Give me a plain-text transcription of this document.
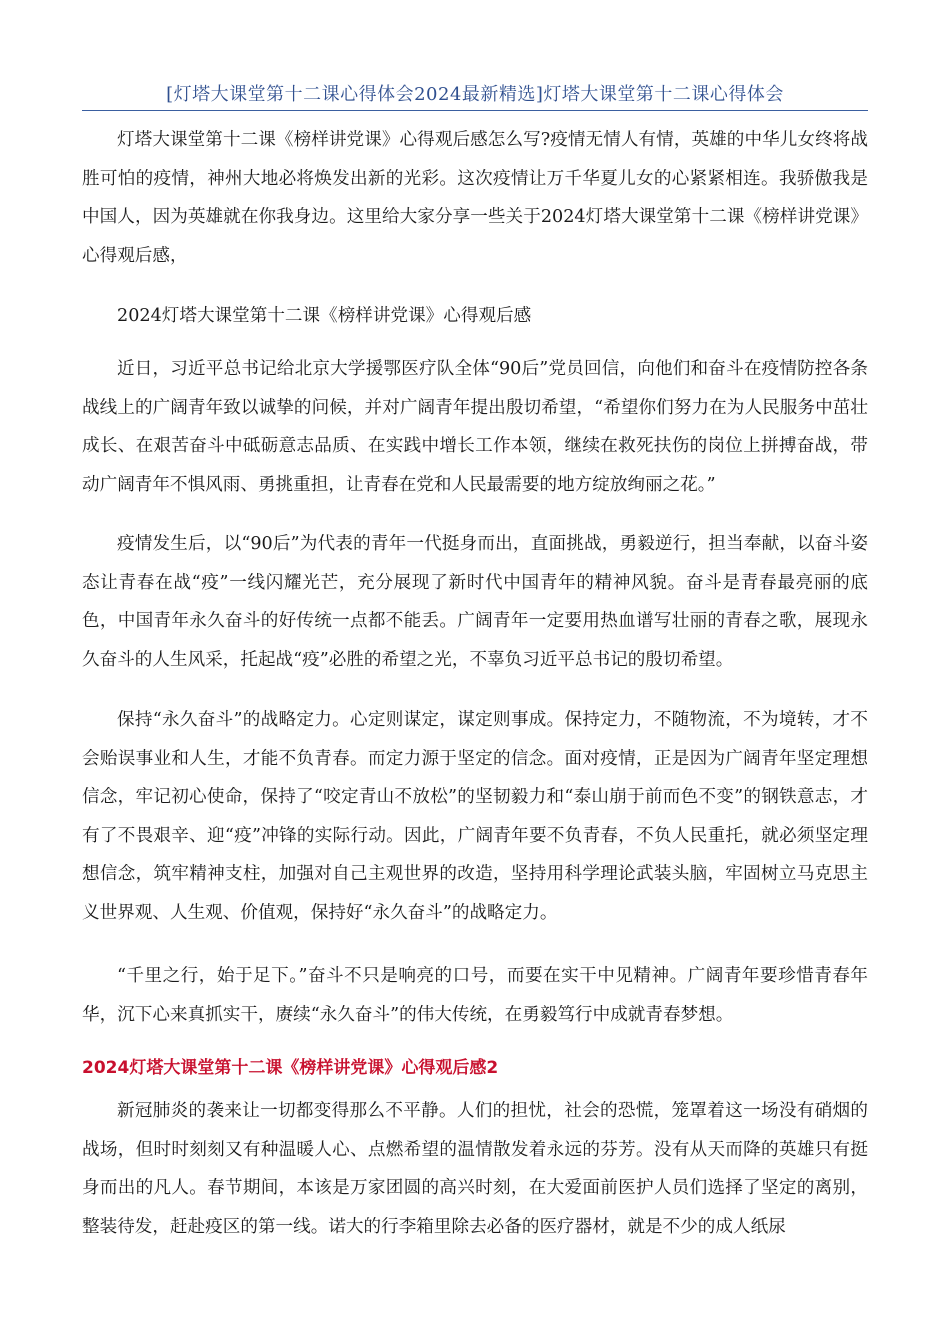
[灯塔大课堂第十二课心得体会2024最新精选]灯塔大课堂第十二课心得体会

灯塔大课堂第十二课《榜样讲党课》心得观后感怎么写?疫情无情人有情，英雄的中华儿女终将战胜可怕的疫情，神州大地必将焕发出新的光彩。这次疫情让万千华夏儿女的心紧紧相连。我骄傲我是中国人，因为英雄就在你我身边。这里给大家分享一些关于2024灯塔大课堂第十二课《榜样讲党课》心得观后感，

2024灯塔大课堂第十二课《榜样讲党课》心得观后感

近日，习近平总书记给北京大学援鄂医疗队全体“90后”党员回信，向他们和奋斗在疫情防控各条战线上的广阔青年致以诚挚的问候，并对广阔青年提出殷切希望，“希望你们努力在为人民服务中茁壮成长、在艰苦奋斗中砥砺意志品质、在实践中增长工作本领，继续在救死扶伤的岗位上拼搏奋战，带动广阔青年不惧风雨、勇挑重担，让青春在党和人民最需要的地方绽放绚丽之花。”

疫情发生后，以“90后”为代表的青年一代挺身而出，直面挑战，勇毅逆行，担当奉献，以奋斗姿态让青春在战“疫”一线闪耀光芒，充分展现了新时代中国青年的精神风貌。奋斗是青春最亮丽的底色，中国青年永久奋斗的好传统一点都不能丢。广阔青年一定要用热血谱写壮丽的青春之歌，展现永久奋斗的人生风采，托起战“疫”必胜的希望之光，不辜负习近平总书记的殷切希望。

保持“永久奋斗”的战略定力。心定则谋定，谋定则事成。保持定力，不随物流，不为境转，才不会贻误事业和人生，才能不负青春。而定力源于坚定的信念。面对疫情，正是因为广阔青年坚定理想信念，牢记初心使命，保持了“咬定青山不放松”的坚韧毅力和“泰山崩于前而色不变”的钢铁意志，才有了不畏艰辛、迎“疫”冲锋的实际行动。因此，广阔青年要不负青春，不负人民重托，就必须坚定理想信念，筑牢精神支柱，加强对自己主观世界的改造，坚持用科学理论武装头脑，牢固树立马克思主义世界观、人生观、价值观，保持好“永久奋斗”的战略定力。

“千里之行，始于足下。”奋斗不只是响亮的口号，而要在实干中见精神。广阔青年要珍惜青春年华，沉下心来真抓实干，赓续“永久奋斗”的伟大传统，在勇毅笃行中成就青春梦想。

2024灯塔大课堂第十二课《榜样讲党课》心得观后感2

新冠肺炎的袭来让一切都变得那么不平静。人们的担忧，社会的恐慌，笼罩着这一场没有硝烟的战场，但时时刻刻又有种温暖人心、点燃希望的温情散发着永远的芬芳。没有从天而降的英雄只有挺身而出的凡人。春节期间，本该是万家团圆的高兴时刻，在大爱面前医护人员们选择了坚定的离别，整装待发，赶赴疫区的第一线。诺大的行李箱里除去必备的医疗器材，就是不少的成人纸尿
